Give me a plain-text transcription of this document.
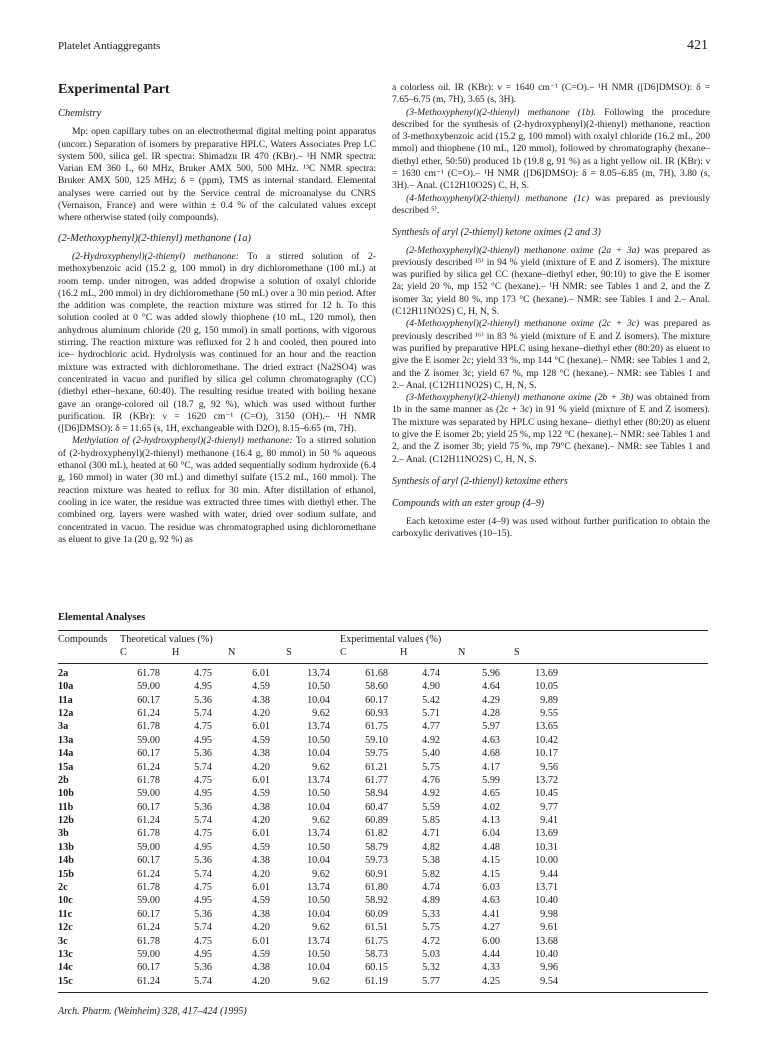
Platelet Antiaggregants	421
Experimental Part
Chemistry

Mp: open capillary tubes on an electrothermal digital melting point apparatus (uncorr.) Separation of isomers by preparative HPLC, Waters Associates Prep LC system 500, silica gel. IR spectra: Shimadzu IR 470 (KBr).– ¹H NMR spectra: Varian EM 360 L, 60 MHz, Bruker AMX 500, 500 MHz. ¹³C NMR spectra: Bruker AMX 500, 125 MHz; δ = (ppm), TMS as internal standard. Elemental analyses were carried out by the Service central de microanalyse du CNRS (Vernaison, France) and were within ± 0.4 % of the calculated values except where otherwise stated (oily compounds).

(2-Methoxyphenyl)(2-thienyl) methanone (1a)

(2-Hydroxyphenyl)(2-thienyl) methanone: To a stirred solution of 2-methoxybenzoic acid (15.2 g, 100 mmol) in dry dichloromethane (100 mL) at room temp. under nitrogen, was added dropwise a solution of oxalyl chloride (16.2 mL, 200 mmol) in dry dichloromethane (50 mL) over a 30 min period. After the addition was complete, the reaction mixture was stirred for 12 h. To this solution cooled at 0 °C was added slowly thiophene (10 mL, 120 mmol), then anhydrous aluminum chloride (20 g, 150 mmol) in small portions, with vigorous stirring. The reaction mixture was refluxed for 2 h and cooled, then poured into ice– hydrochloric acid. Hydrolysis was continued for an hour and the reaction mixture was extracted with dichloromethane. The dried extract (Na2SO4) was concentrated in vacuo and purified by silica gel column chromatography (CC) (diethyl ether–hexane, 60:40). The resulting residue treated with boiling hexane gave an orange-colored oil (18.7 g, 92 %), which was used without further purification. IR (KBr): ν = 1620 cm⁻¹ (C=O), 3150 (OH).– ¹H NMR ([D6]DMSO): δ = 11.65 (s, 1H, exchangeable with D2O), 8.15–6.65 (m, 7H).

Methylation of (2-hydroxyphenyl)(2-thienyl) methanone: To a stirred solution of (2-hydroxyphenyl)(2-thienyl) methanone (16.4 g, 80 mmol) in 50 % aqueous ethanol (300 mL), heated at 60 °C, was added sequentially sodium hydroxide (6.4 g, 160 mmol) in water (30 mL) and dimethyl sulfate (15.2 mL, 160 mmol). The reaction mixture was heated to reflux for 30 min. After distillation of ethanol, cooling in ice water, the residue was extracted three times with diethyl ether. The combined org. layers were washed with water, dried over sodium sulfate, and concentrated in vacuo. The residue was chromatographed using dichloromethane as eluent to give 1a (20 g, 92 %) as

a colorless oil. IR (KBr): ν = 1640 cm⁻¹ (C=O).– ¹H NMR ([D6]DMSO): δ = 7.65–6.75 (m, 7H), 3.65 (s, 3H).

(3-Methoxyphenyl)(2-thienyl) methanone (1b). Following the procedure described for the synthesis of (2-hydroxyphenyl)(2-thienyl) methanone, reaction of 3-methoxybenzoic acid (15.2 g, 100 mmol) with oxalyl chloride (16.2 mL, 200 mmol) and thiophene (10 mL, 120 mmol), followed by chromatography (hexane–diethyl ether, 50:50) produced 1b (19.8 g, 91 %) as a light yellow oil. IR (KBr): ν = 1630 cm⁻¹ (C=O).– ¹H NMR ([D6]DMSO): δ = 8.05–6.85 (m, 7H), 3.80 (s, 3H).– Anal. (C12H10O2S) C, H, S.

(4-Methoxyphenyl)(2-thienyl) methanone (1c) was prepared as previously described ⁵⁾.

Synthesis of aryl (2-thienyl) ketone oximes (2 and 3)

(2-Methoxyphenyl)(2-thienyl) methanone oxime (2a + 3a) was prepared as previously described ¹⁵⁾ in 94 % yield (mixture of E and Z isomers). The mixture was purified by silica gel CC (hexane–diethyl ether, 90:10) to give the E isomer 2a; yield 20 %, mp 152 °C (hexane).– ¹H NMR: see Tables 1 and 2, and the Z isomer 3a; yield 80 %, mp 173 °C (hexane).– NMR: see Tables 1 and 2.– Anal. (C12H11NO2S) C, H, N, S.

(4-Methoxyphenyl)(2-thienyl) methanone oxime (2c + 3c) was prepared as previously described ¹⁶⁾ in 83 % yield (mixture of E and Z isomers). The mixture was purified by preparative HPLC using hexane–diethyl ether (80:20) as eluent to give the E isomer 2c; yield 33 %, mp 144 °C (hexane).– NMR: see Tables 1 and 2, and the Z isomer 3c; yield 67 %, mp 128 °C (hexane).– NMR: see Tables 1 and 2.– Anal. (C12H11NO2S) C, H, N, S.

(3-Methoxyphenyl)(2-thienyl) methanone oxime (2b + 3b) was obtained from 1b in the same manner as (2c + 3c) in 91 % yield (mixture of E and Z isomers). The mixture was separated by HPLC using hexane– diethyl ether (80:20) as eluent to give the E isomer 2b; yield 25 %, mp 122 °C (hexane).– NMR: see Tables 1 and 2, and the Z isomer 3b; yield 75 %, mp 79°C (hexane).– NMR: see Tables 1 and 2.– Anal. (C12H11NO2S) C, H, N, S.

Synthesis of aryl (2-thienyl) ketoxime ethers
Compounds with an ester group (4–9)

Each ketoxime ester (4–9) was used without further purification to obtain the carboxylic derivatives (10–15).

Elemental Analyses
Compounds Theoretical values (%)	Experimental values (%)
C	H	N	S	C	H	N	S
2a	61.78	4.75	6.01	13.74	61.68	4.74	5.96	13.69
10a	59.00	4.95	4.59	10.50	58.60	4.90	4.64	10.05
11a	60.17	5.36	4.38	10.04	60.17	5.42	4.29	9.89
12a	61.24	5.74	4.20	9.62	60.93	5.71	4.28	9.55
3a	61.78	4.75	6.01	13.74	61.75	4.77	5.97	13.65
13a	59.00	4.95	4.59	10.50	59.10	4.92	4.63	10.42
14a	60.17	5.36	4.38	10.04	59.75	5.40	4.68	10.17
15a	61.24	5.74	4.20	9.62	61.21	5.75	4.17	9.56
2b	61.78	4.75	6.01	13.74	61.77	4.76	5.99	13.72
10b	59.00	4.95	4.59	10.50	58.94	4.92	4.65	10.45
11b	60.17	5.36	4.38	10.04	60.47	5.59	4.02	9.77
12b	61.24	5.74	4.20	9.62	60.89	5.85	4.13	9.41
3b	61.78	4.75	6.01	13.74	61.82	4.71	6.04	13.69
13b	59.00	4.95	4.59	10.50	58.79	4.82	4.48	10.31
14b	60.17	5.36	4.38	10.04	59.73	5.38	4.15	10.00
15b	61.24	5.74	4.20	9.62	60.91	5.82	4.15	9.44
2c	61.78	4.75	6.01	13.74	61.80	4.74	6.03	13.71
10c	59.00	4.95	4.59	10.50	58.92	4.89	4.63	10.40
11c	60.17	5.36	4.38	10.04	60.09	5.33	4.41	9.98
12c	61.24	5.74	4.20	9.62	61.51	5.75	4.27	9.61
3c	61.78	4.75	6.01	13.74	61.75	4.72	6.00	13.68
13c	59.00	4.95	4.59	10.50	58.73	5.03	4.44	10.40
14c	60.17	5.36	4.38	10.04	60.15	5.32	4.33	9.96
15c	61.24	5.74	4.20	9.62	61.19	5.77	4.25	9.54
Arch. Pharm. (Weinheim) 328, 417–424 (1995)
